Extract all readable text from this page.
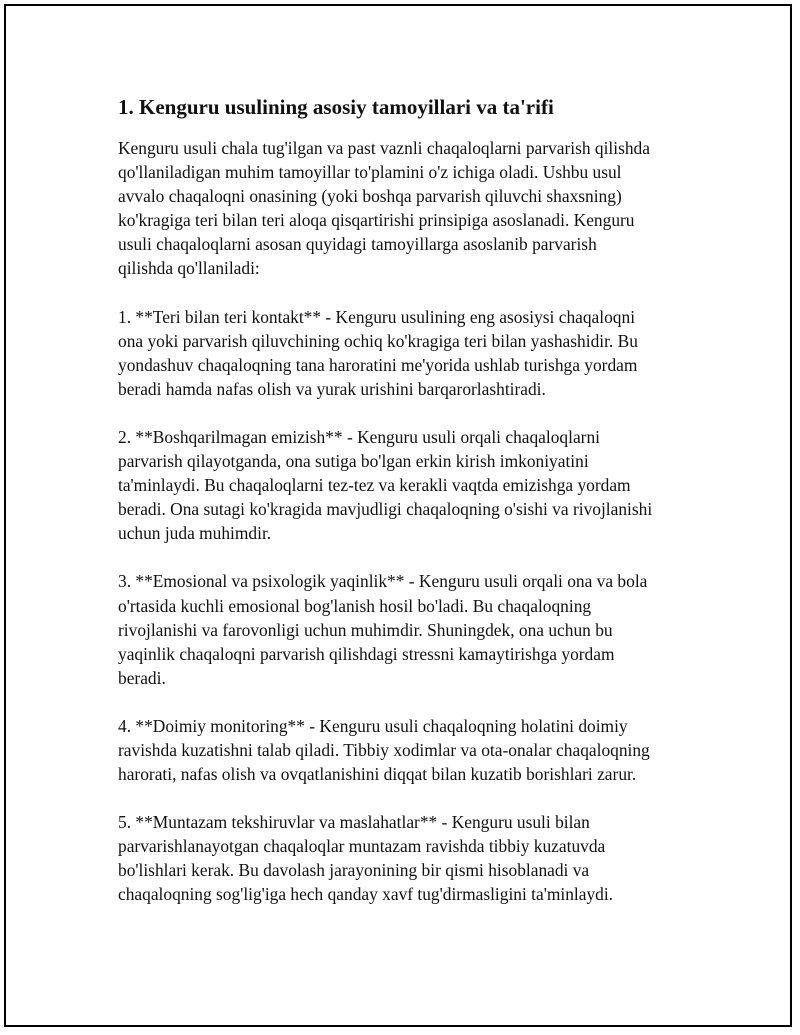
1. Kenguru usulining asosiy tamoyillari va ta'rifi

Kenguru usuli chala tug'ilgan va past vaznli chaqaloqlarni parvarish qilishda
qo'llaniladigan muhim tamoyillar to'plamini o'z ichiga oladi. Ushbu usul
avvalo chaqaloqni onasining (yoki boshqa parvarish qiluvchi shaxsning)
ko'kragiga teri bilan teri aloqa qisqartirishi prinsipiga asoslanadi. Kenguru
usuli chaqaloqlarni asosan quyidagi tamoyillarga asoslanib parvarish
qilishda qo'llaniladi:

1. **Teri bilan teri kontakt** - Kenguru usulining eng asosiysi chaqaloqni
ona yoki parvarish qiluvchining ochiq ko'kragiga teri bilan yashashidir. Bu
yondashuv chaqaloqning tana haroratini me'yorida ushlab turishga yordam
beradi hamda nafas olish va yurak urishini barqarorlashtiradi.

2. **Boshqarilmagan emizish** - Kenguru usuli orqali chaqaloqlarni
parvarish qilayotganda, ona sutiga bo'lgan erkin kirish imkoniyatini
ta'minlaydi. Bu chaqaloqlarni tez-tez va kerakli vaqtda emizishga yordam
beradi. Ona sutagi ko'kragida mavjudligi chaqaloqning o'sishi va rivojlanishi
uchun juda muhimdir.

3. **Emosional va psixologik yaqinlik** - Kenguru usuli orqali ona va bola
o'rtasida kuchli emosional bog'lanish hosil bo'ladi. Bu chaqaloqning
rivojlanishi va farovonligi uchun muhimdir. Shuningdek, ona uchun bu
yaqinlik chaqaloqni parvarish qilishdagi stressni kamaytirishga yordam
beradi.

4. **Doimiy monitoring** - Kenguru usuli chaqaloqning holatini doimiy
ravishda kuzatishni talab qiladi. Tibbiy xodimlar va ota-onalar chaqaloqning
harorati, nafas olish va ovqatlanishini diqqat bilan kuzatib borishlari zarur.

5. **Muntazam tekshiruvlar va maslahatlar** - Kenguru usuli bilan
parvarishlanayotgan chaqaloqlar muntazam ravishda tibbiy kuzatuvda
bo'lishlari kerak. Bu davolash jarayonining bir qismi hisoblanadi va
chaqaloqning sog'lig'iga hech qanday xavf tug'dirmasligini ta'minlaydi.
